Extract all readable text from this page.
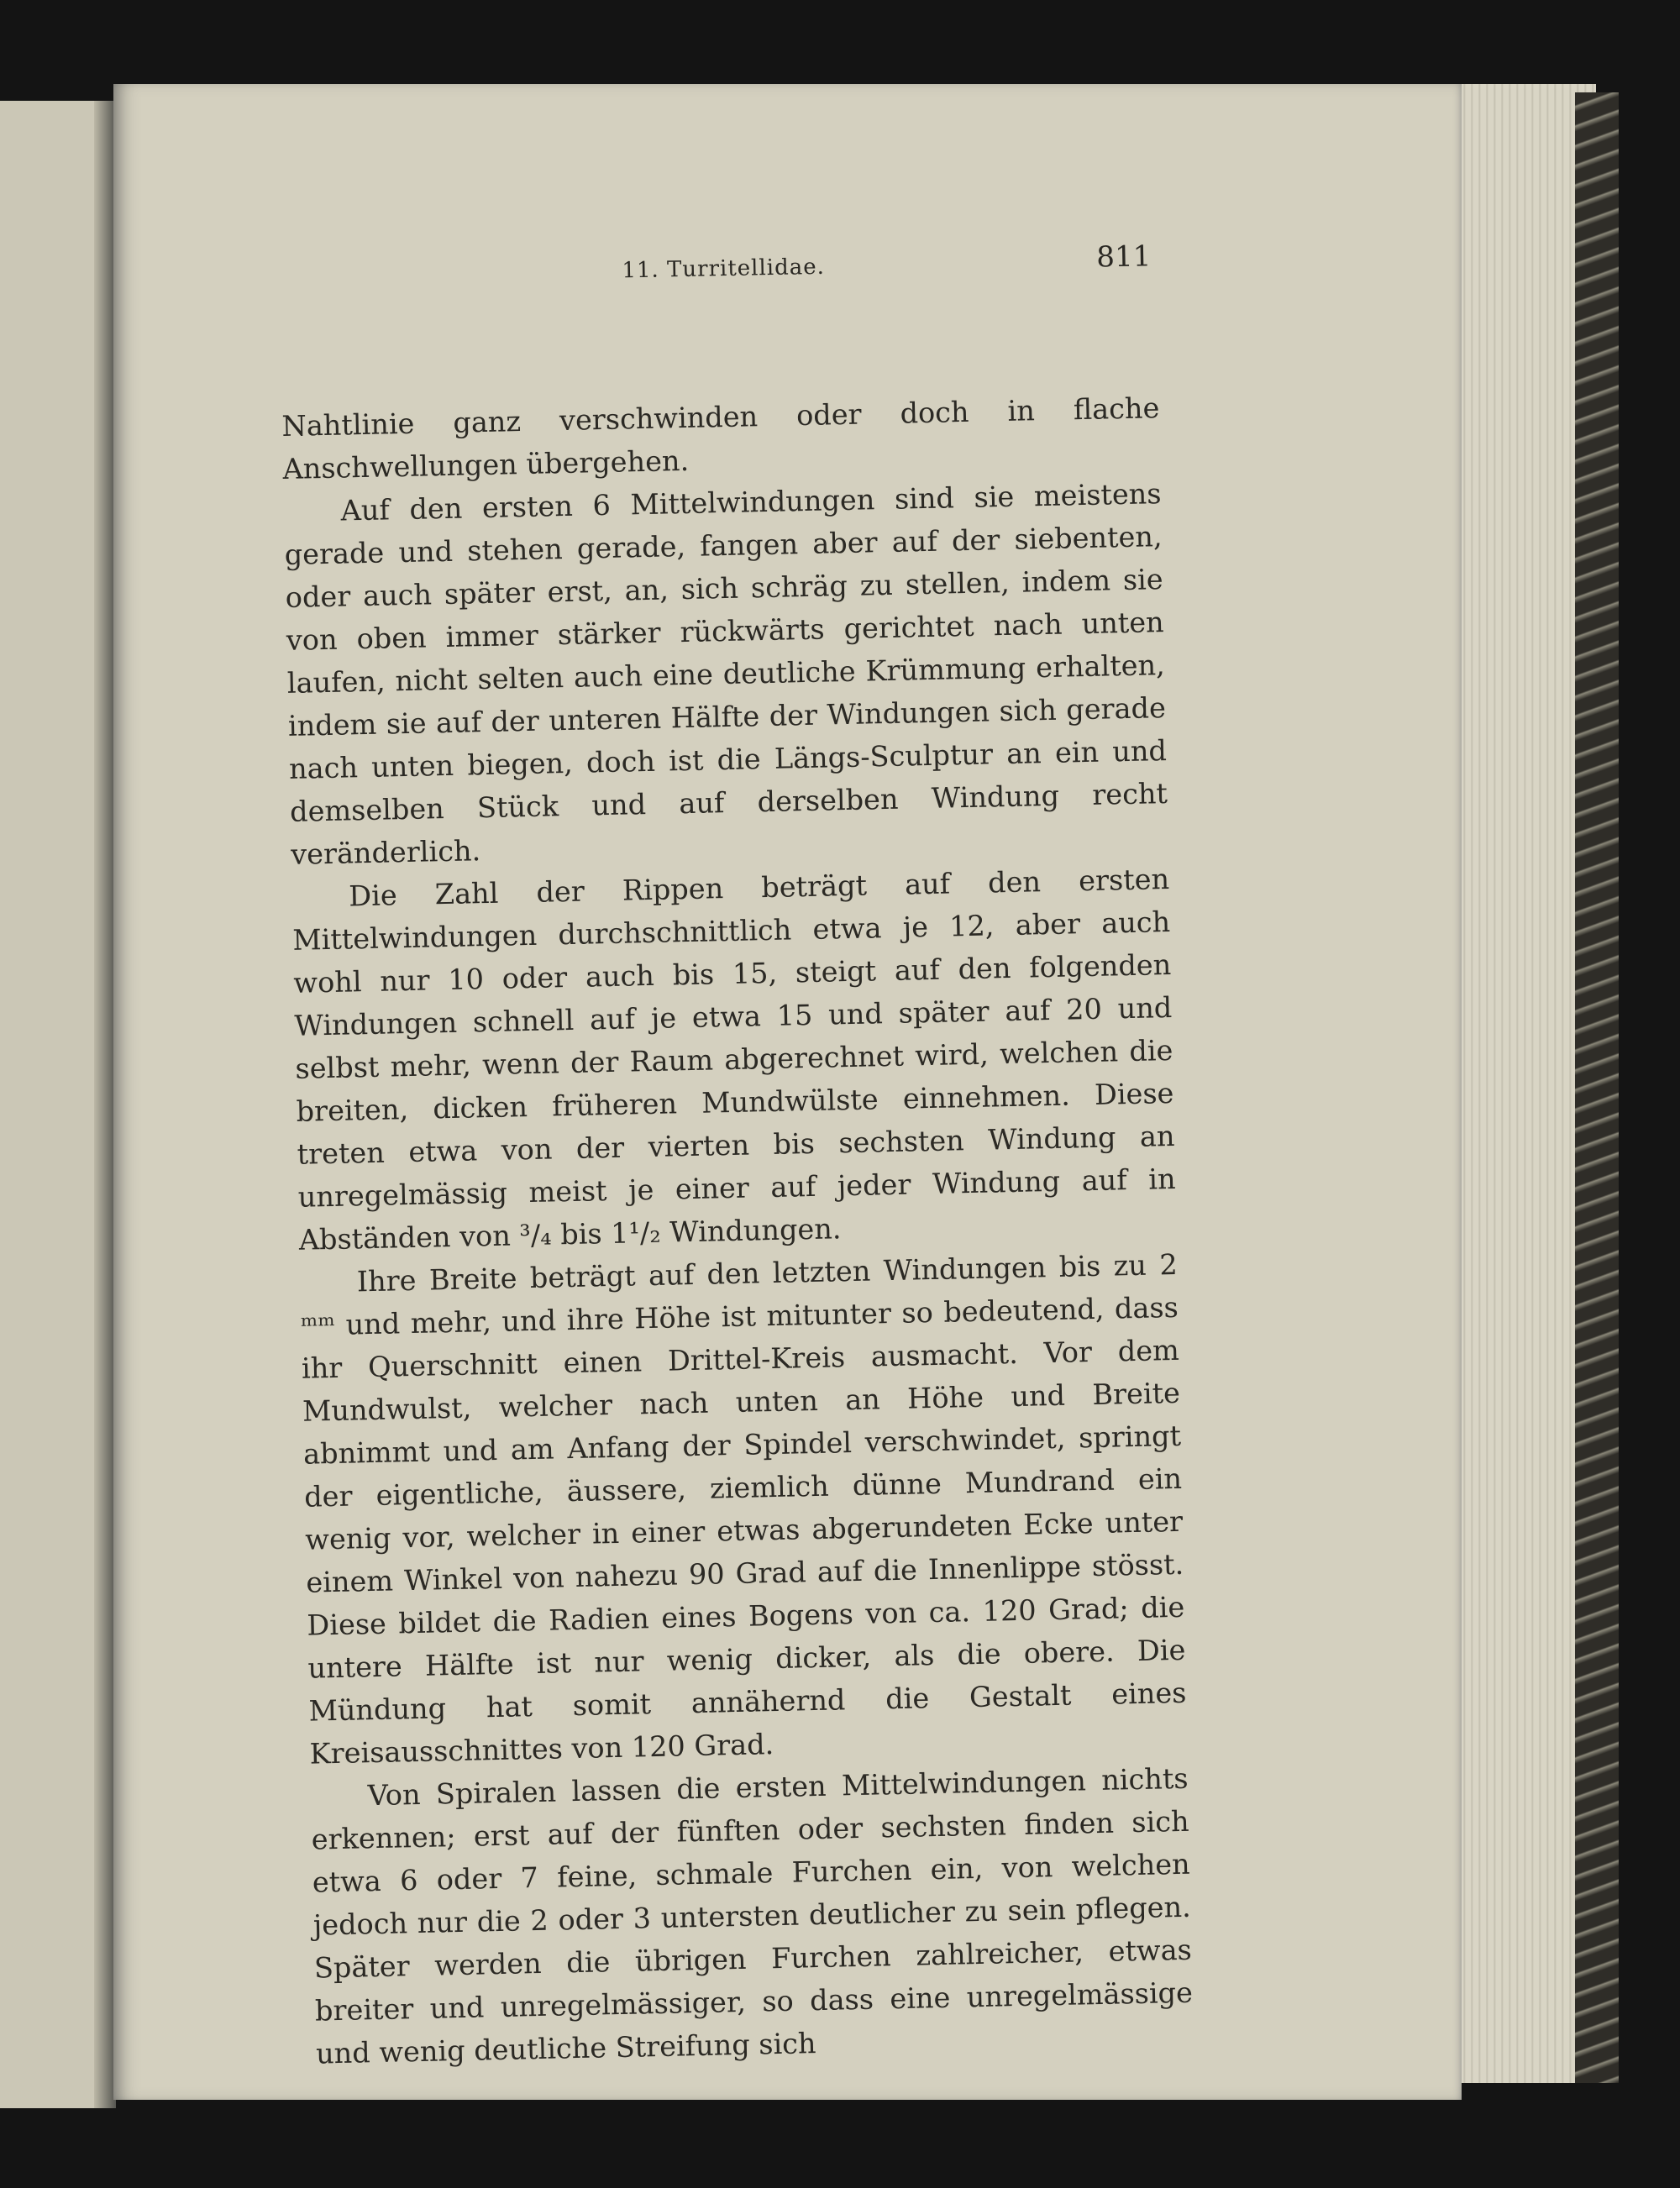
11. Turritellidae.	811

Nahtlinie ganz verschwinden oder doch in flache Anschwellungen übergehen.

Auf den ersten 6 Mittelwindungen sind sie meistens gerade und stehen gerade, fangen aber auf der siebenten, oder auch später erst, an, sich schräg zu stellen, indem sie von oben immer stärker rückwärts gerichtet nach unten laufen, nicht selten auch eine deutliche Krümmung erhalten, indem sie auf der unteren Hälfte der Windungen sich gerade nach unten biegen, doch ist die Längs-Sculptur an ein und demselben Stück und auf derselben Windung recht veränderlich.

Die Zahl der Rippen beträgt auf den ersten Mittelwindungen durchschnittlich etwa je 12, aber auch wohl nur 10 oder auch bis 15, steigt auf den folgenden Windungen schnell auf je etwa 15 und später auf 20 und selbst mehr, wenn der Raum abgerechnet wird, welchen die breiten, dicken früheren Mundwülste einnehmen. Diese treten etwa von der vierten bis sechsten Windung an unregelmässig meist je einer auf jeder Windung auf in Abständen von ³/₄ bis 1¹/₂ Windungen.

Ihre Breite beträgt auf den letzten Windungen bis zu 2 ᵐᵐ und mehr, und ihre Höhe ist mitunter so bedeutend, dass ihr Querschnitt einen Drittel-Kreis ausmacht. Vor dem Mundwulst, welcher nach unten an Höhe und Breite abnimmt und am Anfang der Spindel verschwindet, springt der eigentliche, äussere, ziemlich dünne Mundrand ein wenig vor, welcher in einer etwas abgerundeten Ecke unter einem Winkel von nahezu 90 Grad auf die Innenlippe stösst. Diese bildet die Radien eines Bogens von ca. 120 Grad; die untere Hälfte ist nur wenig dicker, als die obere. Die Mündung hat somit annähernd die Gestalt eines Kreisausschnittes von 120 Grad.

Von Spiralen lassen die ersten Mittelwindungen nichts erkennen; erst auf der fünften oder sechsten finden sich etwa 6 oder 7 feine, schmale Furchen ein, von welchen jedoch nur die 2 oder 3 untersten deutlicher zu sein pflegen. Später werden die übrigen Furchen zahlreicher, etwas breiter und unregelmässiger, so dass eine unregelmässige und wenig deutliche Streifung sich
